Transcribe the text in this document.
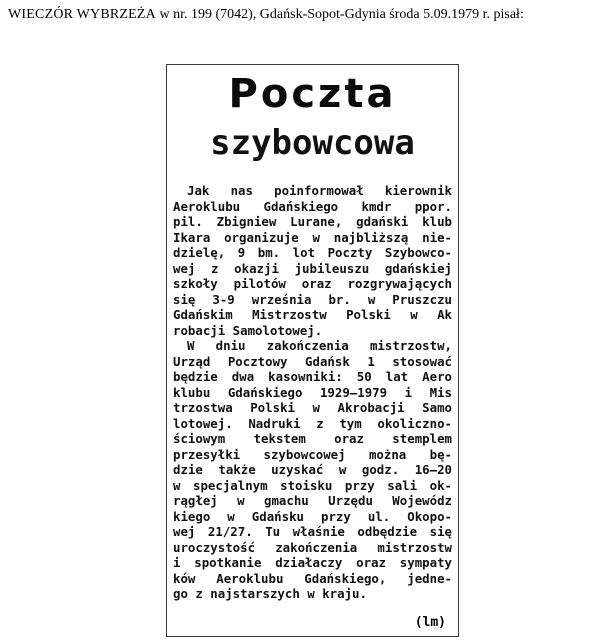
WIECZÓR WYBRZEŻA w nr. 199 (7042), Gdańsk-Sopot-Gdynia środa 5.09.1979 r. pisał:
Poczta
szybowcowa
Jak nas poinformował kierownik
Aeroklubu Gdańskiego kmdr ppor.
pil. Zbigniew Lurane, gdański klub
Ikara organizuje w najbliższą nie-
dzielę, 9 bm. lot Poczty Szybowco-
wej z okazji jubileuszu gdańskiej
szkoły pilotów oraz rozgrywających
się 3-9 września br. w Pruszczu
Gdańskim Mistrzostw Polski w Ak
robacji Samolotowej.
W dniu zakończenia mistrzostw,
Urząd Pocztowy Gdańsk 1 stosować
będzie dwa kasowniki: 50 lat Aero
klubu Gdańskiego 1929—1979 i Mis
trzostwa Polski w Akrobacji Samo
lotowej. Nadruki z tym okoliczno-
ściowym tekstem oraz stemplem
przesyłki szybowcowej można bę-
dzie także uzyskać w godz. 16—20
w specjalnym stoisku przy sali ok-
rągłej w gmachu Urzędu Wojewódz
kiego w Gdańsku przy ul. Okopo-
wej 21/27. Tu właśnie odbędzie się
uroczystość zakończenia mistrzostw
i spotkanie działaczy oraz sympaty
ków Aeroklubu Gdańskiego, jedne-
go z najstarszych w kraju.
(lm)
